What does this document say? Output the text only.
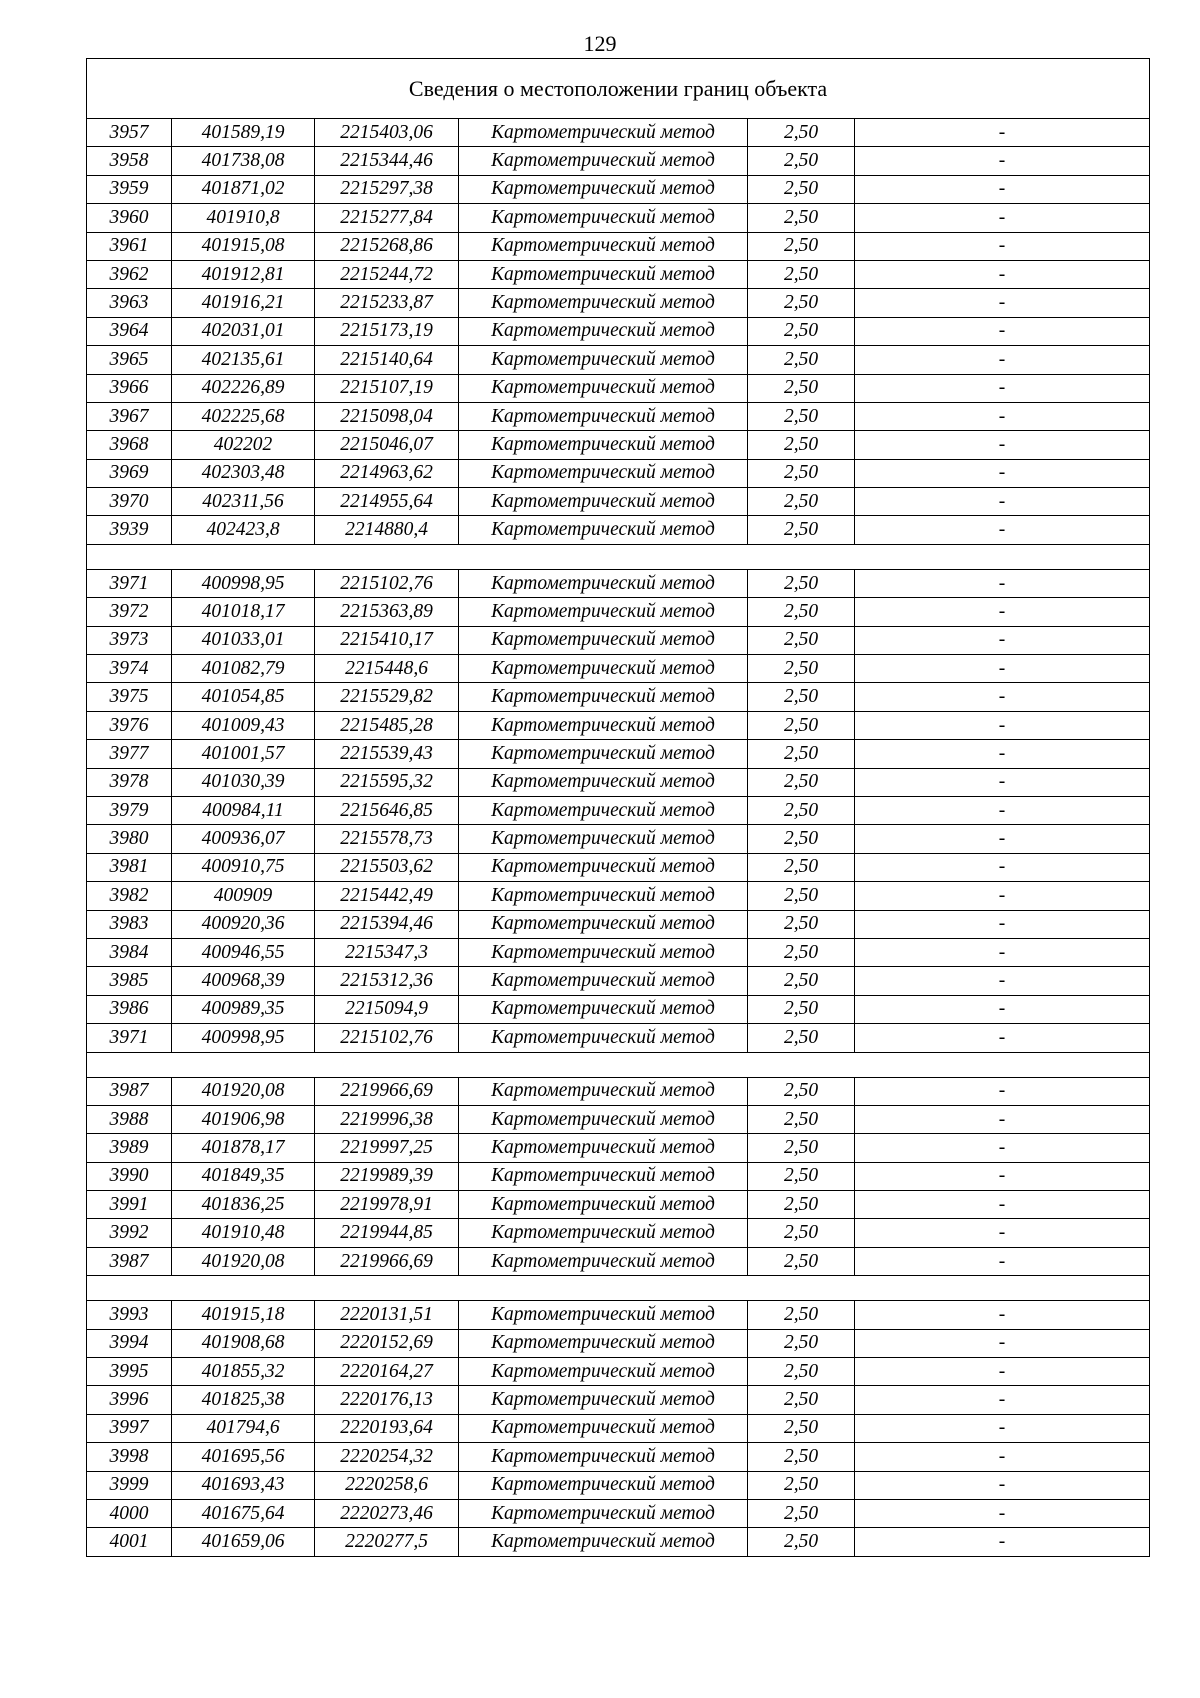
129
Сведения о местоположении границ объекта					
3957	401589,19	2215403,06	Картометрический метод	2,50	-
3958	401738,08	2215344,46	Картометрический метод	2,50	-
3959	401871,02	2215297,38	Картометрический метод	2,50	-
3960	401910,8	2215277,84	Картометрический метод	2,50	-
3961	401915,08	2215268,86	Картометрический метод	2,50	-
3962	401912,81	2215244,72	Картометрический метод	2,50	-
3963	401916,21	2215233,87	Картометрический метод	2,50	-
3964	402031,01	2215173,19	Картометрический метод	2,50	-
3965	402135,61	2215140,64	Картометрический метод	2,50	-
3966	402226,89	2215107,19	Картометрический метод	2,50	-
3967	402225,68	2215098,04	Картометрический метод	2,50	-
3968	402202	2215046,07	Картометрический метод	2,50	-
3969	402303,48	2214963,62	Картометрический метод	2,50	-
3970	402311,56	2214955,64	Картометрический метод	2,50	-
3939	402423,8	2214880,4	Картометрический метод	2,50	-

3971	400998,95	2215102,76	Картометрический метод	2,50	-
3972	401018,17	2215363,89	Картометрический метод	2,50	-
3973	401033,01	2215410,17	Картометрический метод	2,50	-
3974	401082,79	2215448,6	Картометрический метод	2,50	-
3975	401054,85	2215529,82	Картометрический метод	2,50	-
3976	401009,43	2215485,28	Картометрический метод	2,50	-
3977	401001,57	2215539,43	Картометрический метод	2,50	-
3978	401030,39	2215595,32	Картометрический метод	2,50	-
3979	400984,11	2215646,85	Картометрический метод	2,50	-
3980	400936,07	2215578,73	Картометрический метод	2,50	-
3981	400910,75	2215503,62	Картометрический метод	2,50	-
3982	400909	2215442,49	Картометрический метод	2,50	-
3983	400920,36	2215394,46	Картометрический метод	2,50	-
3984	400946,55	2215347,3	Картометрический метод	2,50	-
3985	400968,39	2215312,36	Картометрический метод	2,50	-
3986	400989,35	2215094,9	Картометрический метод	2,50	-
3971	400998,95	2215102,76	Картометрический метод	2,50	-

3987	401920,08	2219966,69	Картометрический метод	2,50	-
3988	401906,98	2219996,38	Картометрический метод	2,50	-
3989	401878,17	2219997,25	Картометрический метод	2,50	-
3990	401849,35	2219989,39	Картометрический метод	2,50	-
3991	401836,25	2219978,91	Картометрический метод	2,50	-
3992	401910,48	2219944,85	Картометрический метод	2,50	-
3987	401920,08	2219966,69	Картометрический метод	2,50	-

3993	401915,18	2220131,51	Картометрический метод	2,50	-
3994	401908,68	2220152,69	Картометрический метод	2,50	-
3995	401855,32	2220164,27	Картометрический метод	2,50	-
3996	401825,38	2220176,13	Картометрический метод	2,50	-
3997	401794,6	2220193,64	Картометрический метод	2,50	-
3998	401695,56	2220254,32	Картометрический метод	2,50	-
3999	401693,43	2220258,6	Картометрический метод	2,50	-
4000	401675,64	2220273,46	Картометрический метод	2,50	-
4001	401659,06	2220277,5	Картометрический метод	2,50	-
